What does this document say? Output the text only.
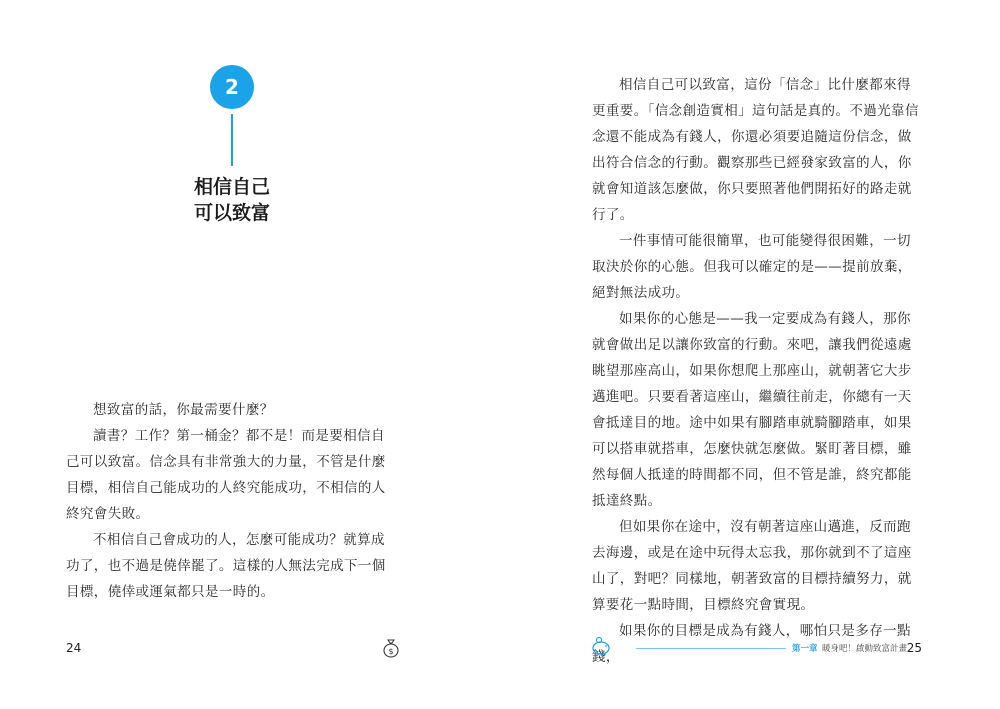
2
相信自己
可以致富

想致富的話，你最需要什麼？

讀書？工作？第一桶金？都不是！而是要相信自己可以致富。信念具有非常強大的力量，不管是什麼目標，相信自己能成功的人終究能成功，不相信的人終究會失敗。

不相信自己會成功的人，怎麼可能成功？就算成功了，也不過是僥倖罷了。這樣的人無法完成下一個目標，僥倖或運氣都只是一時的。

24	$

相信自己可以致富，這份「信念」比什麼都來得更重要。「信念創造實相」這句話是真的。不過光靠信念還不能成為有錢人，你還必須要追隨這份信念，做出符合信念的行動。觀察那些已經發家致富的人，你就會知道該怎麼做，你只要照著他們開拓好的路走就行了。

一件事情可能很簡單，也可能變得很困難，一切取決於你的心態。但我可以確定的是——提前放棄，絕對無法成功。

如果你的心態是——我一定要成為有錢人，那你就會做出足以讓你致富的行動。來吧，讓我們從遠處眺望那座高山，如果你想爬上那座山，就朝著它大步邁進吧。只要看著這座山，繼續往前走，你總有一天會抵達目的地。途中如果有腳踏車就騎腳踏車，如果可以搭車就搭車，怎麼快就怎麼做。緊盯著目標，雖然每個人抵達的時間都不同，但不管是誰，終究都能抵達終點。

但如果你在途中，沒有朝著這座山邁進，反而跑去海邊，或是在途中玩得太忘我，那你就到不了這座山了，對吧？同樣地，朝著致富的目標持續努力，就算要花一點時間，目標終究會實現。

如果你的目標是成為有錢人，哪怕只是多存一點錢，	第一章 暖身吧！啟動致富計畫 25
